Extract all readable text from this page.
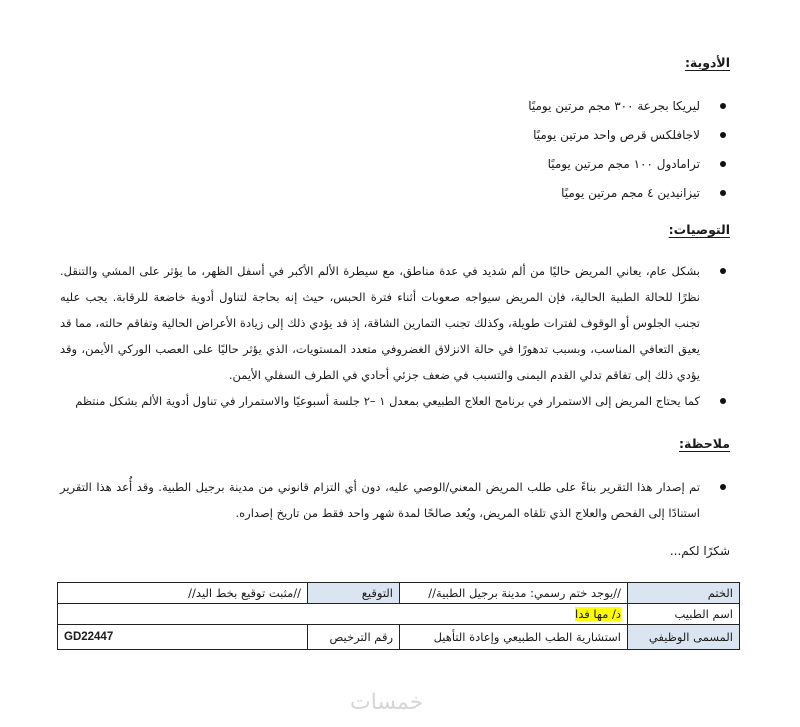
الأدوية:
ليريكا بجرعة ٣٠٠ مجم مرتين يوميًا
لاجافلكس قرص واحد مرتين يوميًا
ترامادول ١٠٠ مجم مرتين يوميًا
تيزانيدين ٤ مجم مرتين يوميًا
التوصيات:
بشكل عام، يعاني المريض حاليًا من ألم شديد في عدة مناطق، مع سيطرة الألم الأكبر في أسفل الظهر، ما يؤثر على المشي والتنقل. نظرًا للحالة الطبية الحالية، فإن المريض سيواجه صعوبات أثناء فترة الحبس، حيث إنه بحاجة لتناول أدوية خاضعة للرقابة. يجب عليه تجنب الجلوس أو الوقوف لفترات طويلة، وكذلك تجنب التمارين الشاقة، إذ قد يؤدي ذلك إلى زيادة الأعراض الحالية وتفاقم حالته، مما قد يعيق التعافي المناسب، وبسبب تدهورًا في حالة الانزلاق الغضروفي متعدد المستويات، الذي يؤثر حاليًا على العصب الوركي الأيمن، وقد يؤدي ذلك إلى تفاقم تدلي القدم اليمنى والتسبب في ضعف جزئي أحادي في الطرف السفلي الأيمن.
كما يحتاج المريض إلى الاستمرار في برنامج العلاج الطبيعي بمعدل ١ –٢ جلسة أسبوعيًا والاستمرار في تناول أدوية الألم بشكل منتظم
ملاحظة:
تم إصدار هذا التقرير بناءً على طلب المريض المعني/الوصي عليه، دون أي التزام قانوني من مدينة برجيل الطبية. وقد أُعد هذا التقرير استنادًا إلى الفحص والعلاج الذي تلقاه المريض، ويُعد صالحًا لمدة شهر واحد فقط من تاريخ إصداره.
شكرًا لكم...
الختم	//يوجد ختم رسمي: مدينة برجيل الطبية//	التوقيع	//مثبت توقيع بخط اليد//
اسم الطبيب	د/ مها فدا		
المسمى الوظيفي	استشارية الطب الطبيعي وإعادة التأهيل	رقم الترخيص	GD22447
خمسات
